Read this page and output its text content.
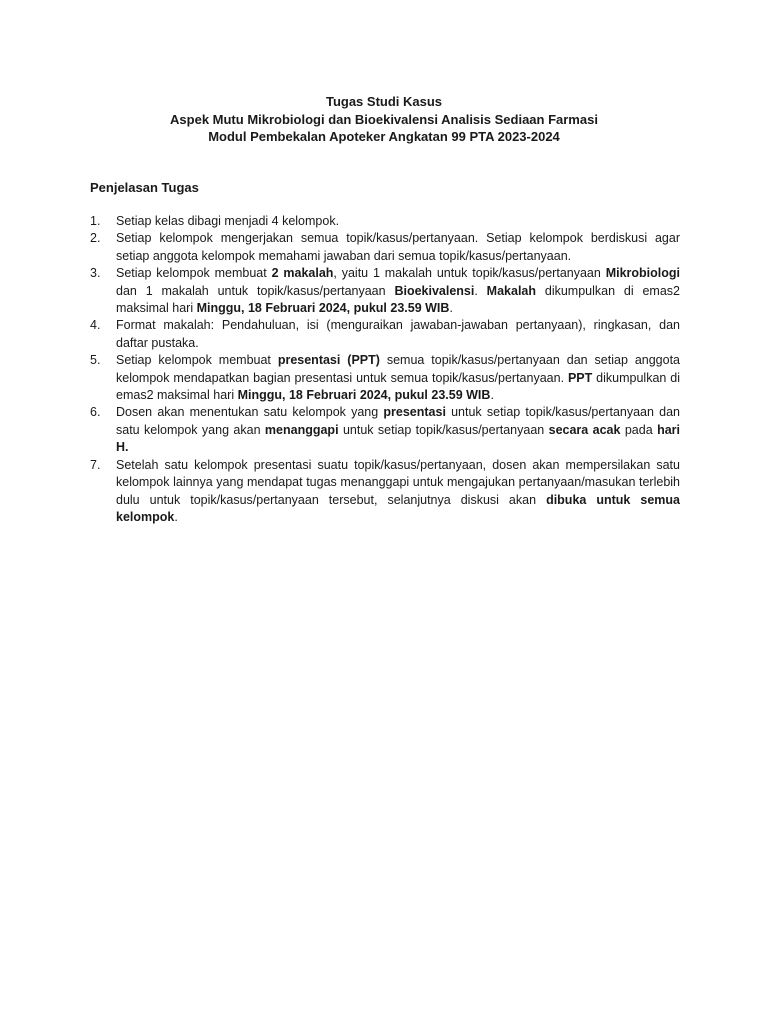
Tugas Studi Kasus
Aspek Mutu Mikrobiologi dan Bioekivalensi Analisis Sediaan Farmasi
Modul Pembekalan Apoteker Angkatan 99 PTA 2023-2024
Penjelasan Tugas
1. Setiap kelas dibagi menjadi 4 kelompok.
2. Setiap kelompok mengerjakan semua topik/kasus/pertanyaan. Setiap kelompok berdiskusi agar setiap anggota kelompok memahami jawaban dari semua topik/kasus/pertanyaan.
3. Setiap kelompok membuat 2 makalah, yaitu 1 makalah untuk topik/kasus/pertanyaan Mikrobiologi dan 1 makalah untuk topik/kasus/pertanyaan Bioekivalensi. Makalah dikumpulkan di emas2 maksimal hari Minggu, 18 Februari 2024, pukul 23.59 WIB.
4. Format makalah: Pendahuluan, isi (menguraikan jawaban-jawaban pertanyaan), ringkasan, dan daftar pustaka.
5. Setiap kelompok membuat presentasi (PPT) semua topik/kasus/pertanyaan dan setiap anggota kelompok mendapatkan bagian presentasi untuk semua topik/kasus/pertanyaan. PPT dikumpulkan di emas2 maksimal hari Minggu, 18 Februari 2024, pukul 23.59 WIB.
6. Dosen akan menentukan satu kelompok yang presentasi untuk setiap topik/kasus/pertanyaan dan satu kelompok yang akan menanggapi untuk setiap topik/kasus/pertanyaan secara acak pada hari H.
7. Setelah satu kelompok presentasi suatu topik/kasus/pertanyaan, dosen akan mempersilakan satu kelompok lainnya yang mendapat tugas menanggapi untuk mengajukan pertanyaan/masukan terlebih dulu untuk topik/kasus/pertanyaan tersebut, selanjutnya diskusi akan dibuka untuk semua kelompok.
